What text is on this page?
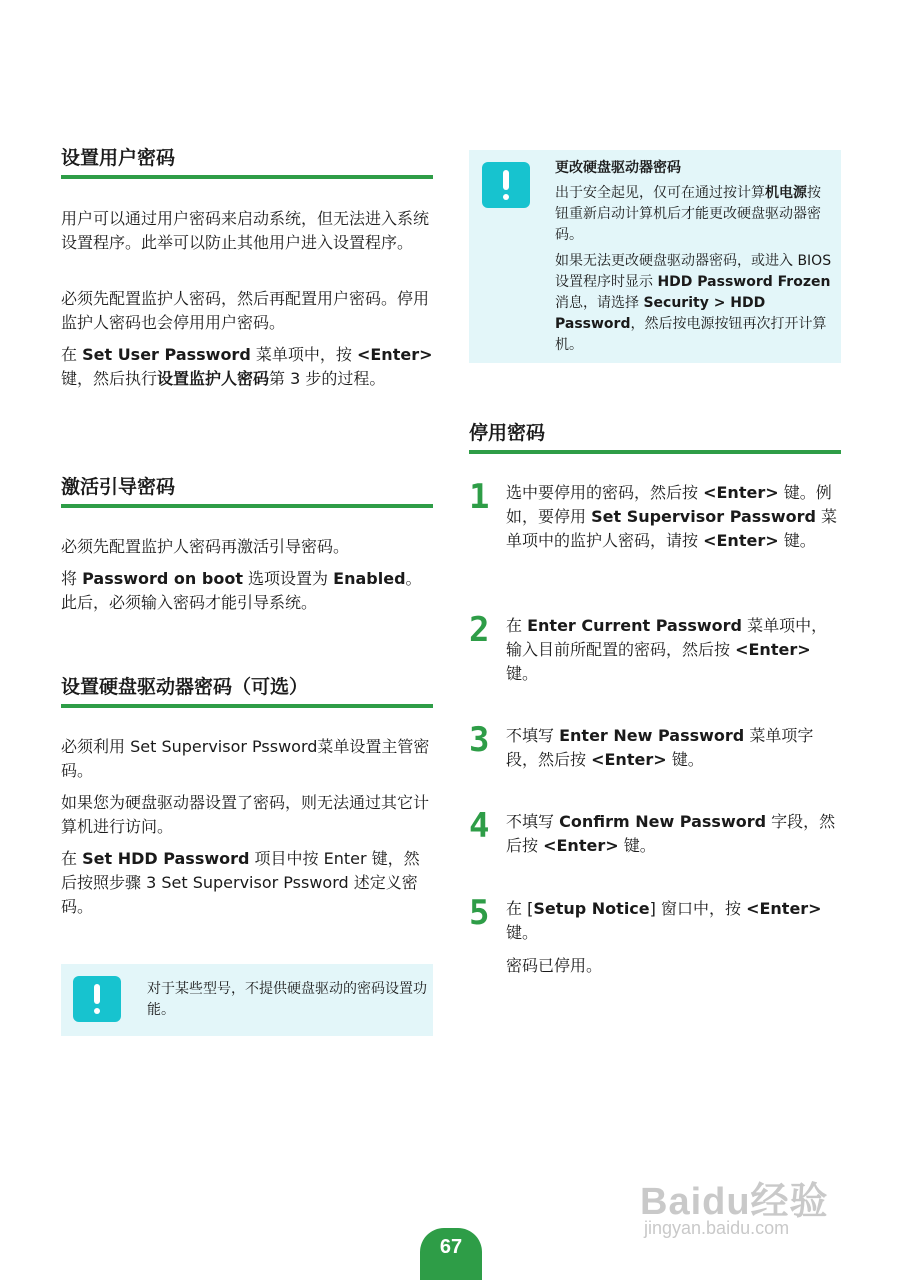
设置用户密码

用户可以通过用户密码来启动系统，但无法进入系统设置程序。此举可以防止其他用户进入设置程序。

必须先配置监护人密码，然后再配置用户密码。停用监护人密码也会停用用户密码。

在 Set User Password 菜单项中，按 <Enter> 键，然后执行设置监护人密码第 3 步的过程。

激活引导密码

必须先配置监护人密码再激活引导密码。

将 Password on boot 选项设置为 Enabled。此后，必须输入密码才能引导系统。

设置硬盘驱动器密码（可选）

必须利用 Set Supervisor Pssword菜单设置主管密码。

如果您为硬盘驱动器设置了密码，则无法通过其它计算机进行访问。

在 Set HDD Password 项目中按 Enter 键，然后按照步骤 3 Set Supervisor Pssword 述定义密码。

对于某些型号，不提供硬盘驱动的密码设置功能。

更改硬盘驱动器密码

出于安全起见，仅可在通过按计算机电源按钮重新启动计算机后才能更改硬盘驱动器密码。

如果无法更改硬盘驱动器密码，或进入 BIOS 设置程序时显示 HDD Password Frozen 消息，请选择 Security > HDD Password，然后按电源按钮再次打开计算机。

停用密码
1	选中要停用的密码，然后按 <Enter> 键。例如，要停用 Set Supervisor Password 菜单项中的监护人密码，请按 <Enter> 键。

2	在 Enter Current Password 菜单项中，输入目前所配置的密码，然后按 <Enter> 键。

3	不填写 Enter New Password 菜单项字段，然后按 <Enter> 键。

4	不填写 Confirm New Password 字段，然后按 <Enter> 键。

5	在 [Setup Notice] 窗口中，按 <Enter> 键。

密码已停用。

Baidu经验
jingyan.baidu.com
67
